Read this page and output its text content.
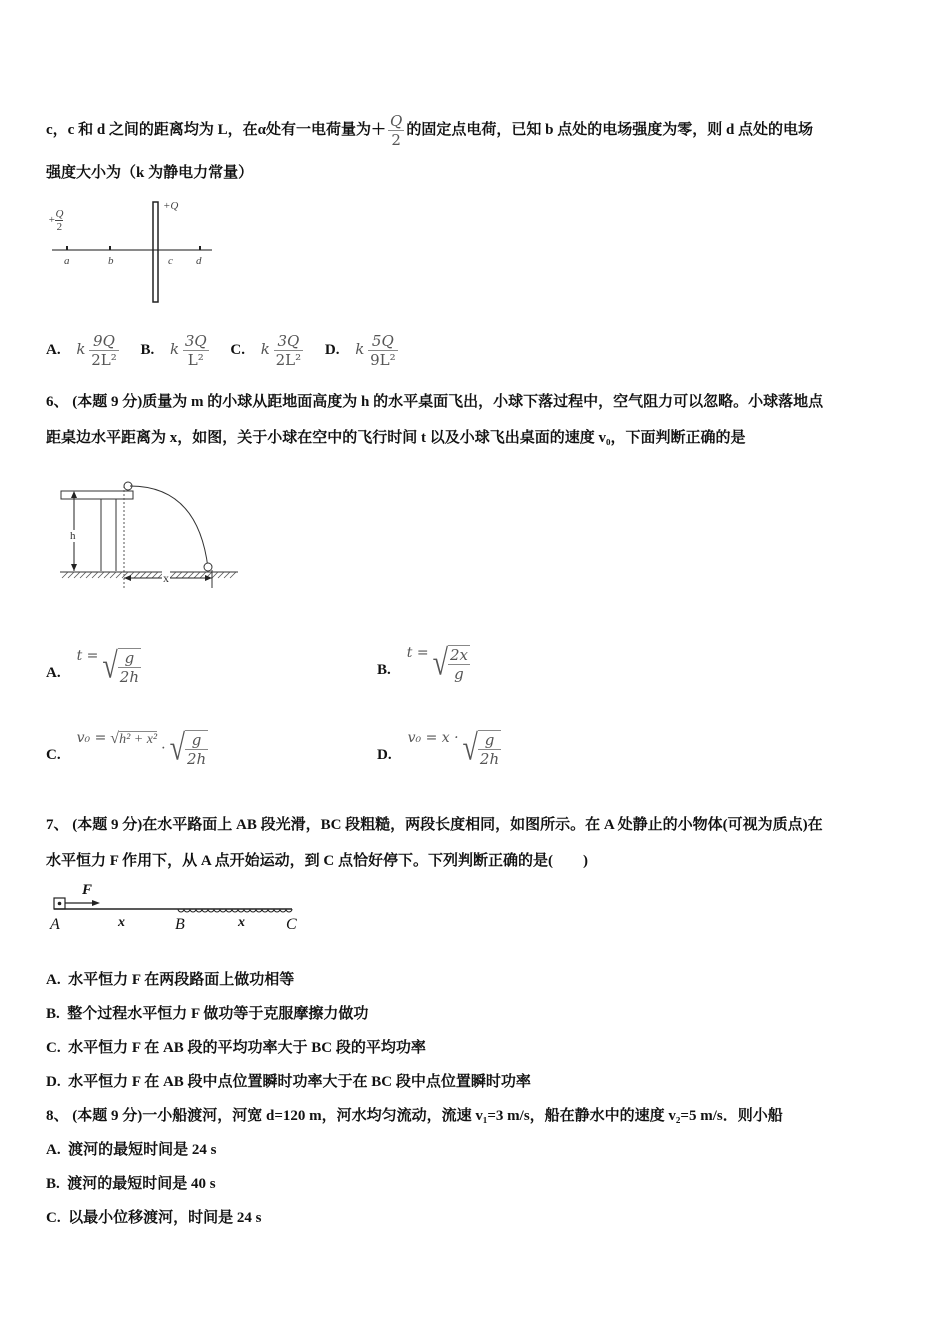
c，c 和 d 之间的距离均为 L，在α处有一电荷量为＋ $\frac{Q}{2}$ 的固定点电荷，已知 b 点处的电场强度为零，则 d 点处的电场
强度大小为（k 为静电力常量）
+ $\frac{Q}{2}$
+Q
a	b	c d
A. k $\frac{9Q}{\text{2L²}} B$. k $\frac{3Q}{\text{L²}} C$. k $\frac{3Q}{\text{2L²}} D$. k $\frac{5Q}{\text{9L²}}$
6、 (本题 9 分)质量为 m 的小球从距地面高度为 h 的水平桌面飞出，小球下落过程中，空气阻力可以忽略。小球落地点
距桌边水平距离为 x，如图，关于小球在空中的飞行时间 t 以及小球飞出桌面的速度 v₀，下面判断正确的是
h
x
A. t = √ $\frac{g}{2h}$	B. t = √ $\frac{2x}{g}$
C. v₀ = √h² + x² · √ $\frac{g}{2h}$	D. v₀ = x · √ $\frac{g}{2h}$
7、 (本题 9 分)在水平路面上 AB 段光滑，BC 段粗糙，两段长度相同，如图所示。在 A 处静止的小物体(可视为质点)在
水平恒力 F 作用下，从 A 点开始运动，到 C 点恰好停下。下列判断正确的是(　　)
F
A	x	B	x	C
A. 水平恒力 F 在两段路面上做功相等
B. 整个过程水平恒力 F 做功等于克服摩擦力做功
C. 水平恒力 F 在 AB 段的平均功率大于 BC 段的平均功率
D. 水平恒力 F 在 AB 段中点位置瞬时功率大于在 BC 段中点位置瞬时功率
8、 (本题 9 分)一小船渡河，河宽 d=120 m，河水均匀流动，流速 v₁=3 m/s，船在静水中的速度 v₂=5 m/s．则小船
A. 渡河的最短时间是 24 s
B. 渡河的最短时间是 40 s
C. 以最小位移渡河，时间是 24 s
